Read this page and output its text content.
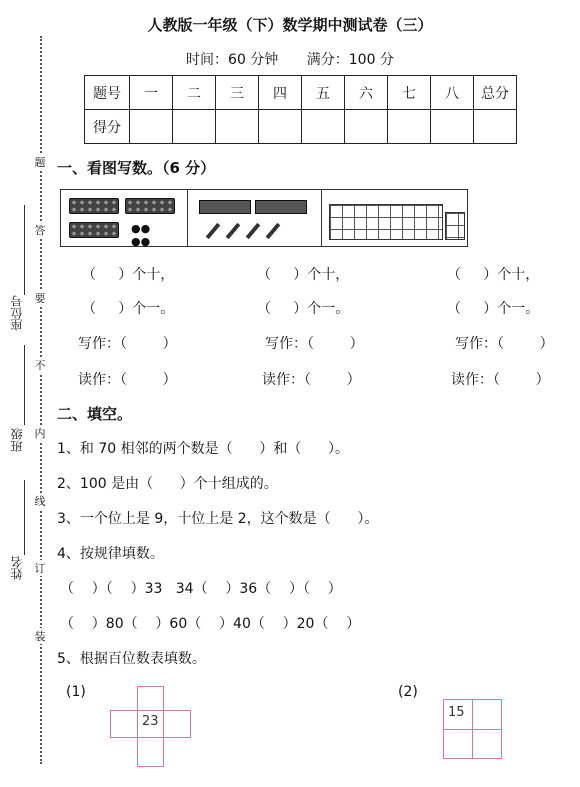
人教版一年级（下）数学期中测试卷（三）
时间：60 分钟 满分：100 分
题号	一	二	三	四	五	六	七	八	总分
得分									
题
答
要
不
内
线
订
装
座位号
班级
姓名
一、看图写数。（6 分）
●●
●●
（     ）个十，	（     ）个十，	（     ）个十，
（     ）个一。	（     ）个一。	（     ）个一。
写作：（        ）	写作：（        ）	写作：（        ）
读作：（        ）	读作：（        ）	读作：（        ）
二、填空。
1、和 70 相邻的两个数是（      ）和（      ）。
2、100 是由（      ）个十组成的。
3、一个位上是 9，十位上是 2，这个数是（      ）。
4、按规律填数。
（    ）（    ）33   34（    ）36（    ）（    ）
（    ）80（    ）60（    ）40（    ）20（    ）
5、根据百位数表填数。
(1)	(2)
23
15
